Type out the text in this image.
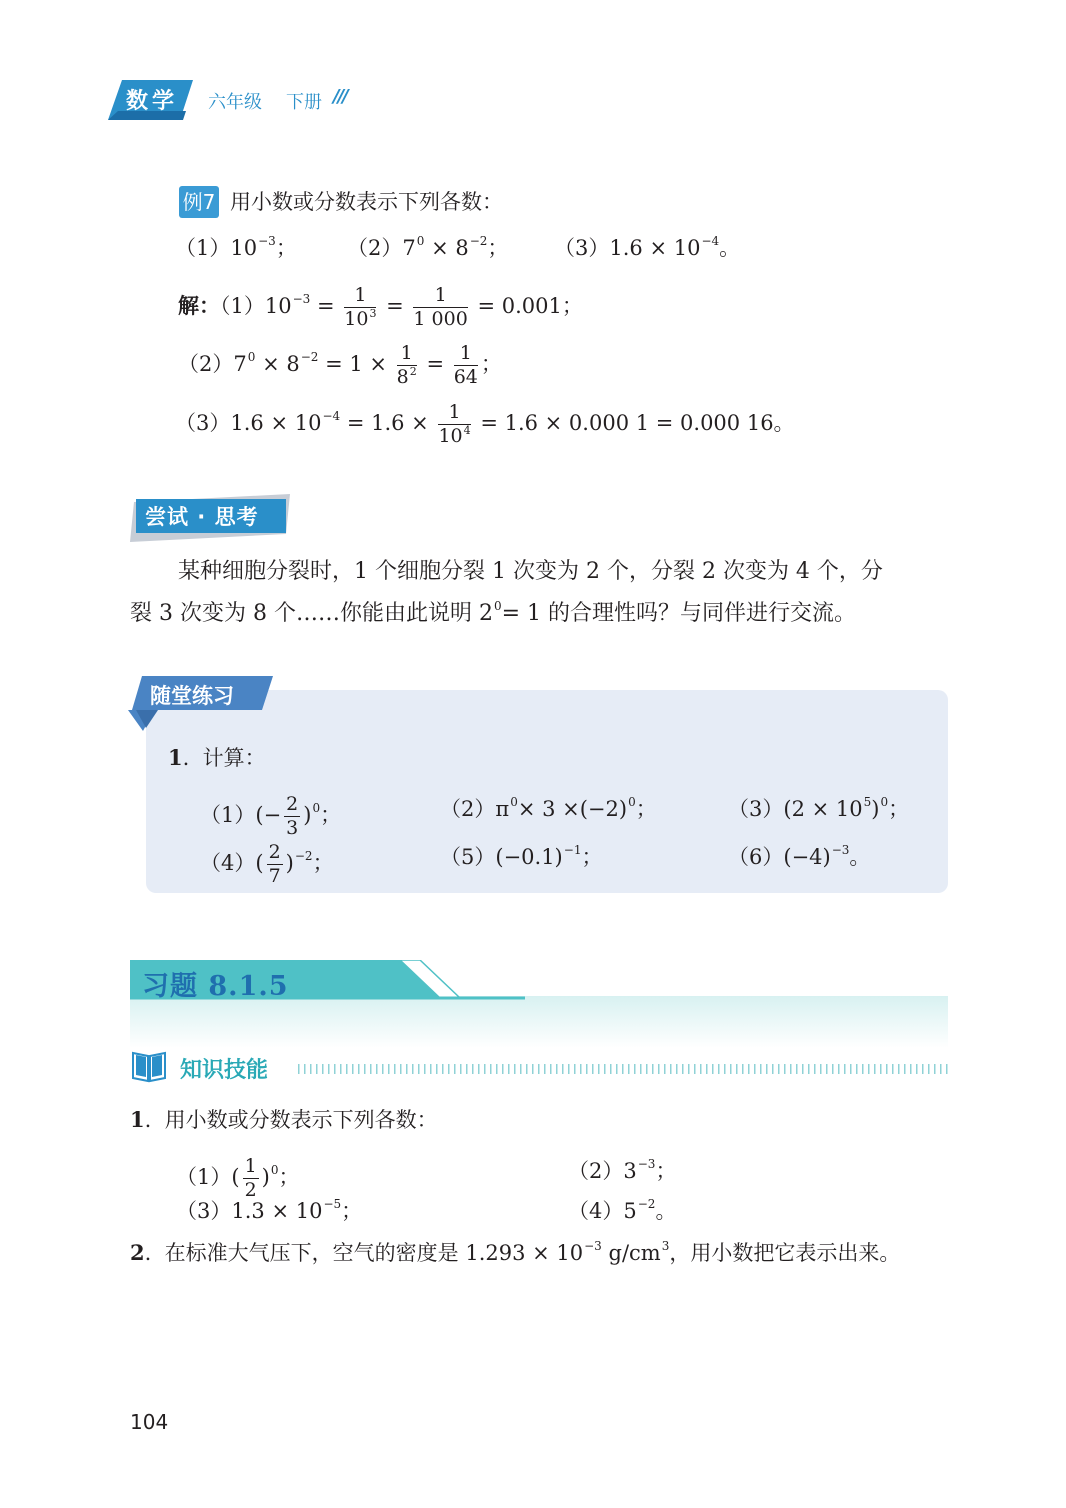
数学 六年级 下册 ///
例7 用小数或分数表示下列各数：
$(1)10^{-3}$； $(2)7^0 \times 8^{-2}$； $(3)1.6 \times 10^{-4}$。
解：$(1)10^{-3} = \frac{1}{10^3} = \frac{1}{1 000} = 0.001$；
$(2)7^0 \times 8^{-2} = 1 \times \frac{1}{8^2} = \frac{1}{64}$ ；
$(3)1.6 \times 10^{-4} = 1.6 \times \frac{1}{10^4} = 1.6 \times 0.000$ 1 = 0.000 16。
尝试 · 思考
某种细胞分裂时，1 个细胞分裂 1 次变为 2 个，分裂 2 次变为 4 个，分
裂 3 次变为 8 个……你能由此说明 $2^0= 1$ 的合理性吗？与同伴进行交流。
随堂练习
1.  计算：
$(1)(- \frac{2}{3} )^0$；	$(2)\pi^0\times 3 \times(-2)^0$；	$(3)(2 \times 10^5)^0$；
$(4)( \frac{2}{7} )^{-2}$；	$(5)(-0.1)^{-1}$；	$(6)(-4)^{-3}$。
习题 8.1.5
知识技能
1.  用小数或分数表示下列各数：
$(1)( \frac{1}{2} )^0$；	$(2)3^{-3}$；
$(3)1.3 \times 10^{-5}$；	$(4)5^{-2}$。
2.  在标准大气压下，空气的密度是 $1.293 \times 10^{-3}$ $g/cm^3$，用小数把它表示出来。
104
